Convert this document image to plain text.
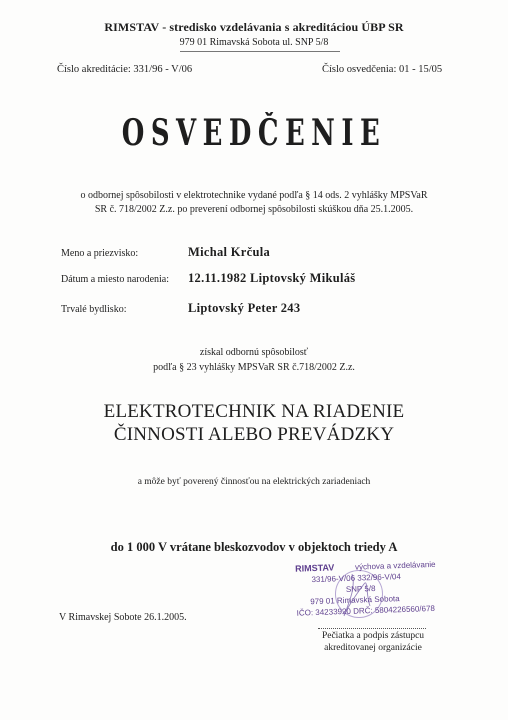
RIMSTAV - stredisko vzdelávania s akreditáciou ÚBP SR
979 01 Rimavská Sobota ul. SNP 5/8
Číslo akreditácie: 331/96 - V/06	Číslo osvedčenia: 01 - 15/05
OSVEDČENIE
o odbornej spôsobilosti v elektrotechnike vydané podľa § 14 ods. 2 vyhlášky MPSVaR
SR č. 718/2002 Z.z. po preverení odbornej spôsobilosti skúškou dňa 25.1.2005.
Meno a priezvisko:	Michal Krčula
Dátum a miesto narodenia: 12.11.1982 Liptovský Mikuláš
Trvalé bydlisko:	Liptovský Peter 243
získal odbornú spôsobilosť
podľa § 23 vyhlášky MPSVaR SR č.718/2002 Z.z.
ELEKTROTECHNIK NA RIADENIE
ČINNOSTI ALEBO PREVÁDZKY
a môže byť poverený činnosťou na elektrických zariadeniach
do 1 000 V vrátane bleskozvodov v objektoch triedy A
V Rimavskej Sobote 26.1.2005.
RIMSTAV	výchova a vzdelávanie
331/96-V/06 332/96-V/04
SNP 5/8
979 01 Rimavská Sobota
IČO: 34233920 DRČ: 5804226560/678
Pečiatka a podpis zástupcu
akreditovanej organizácie
